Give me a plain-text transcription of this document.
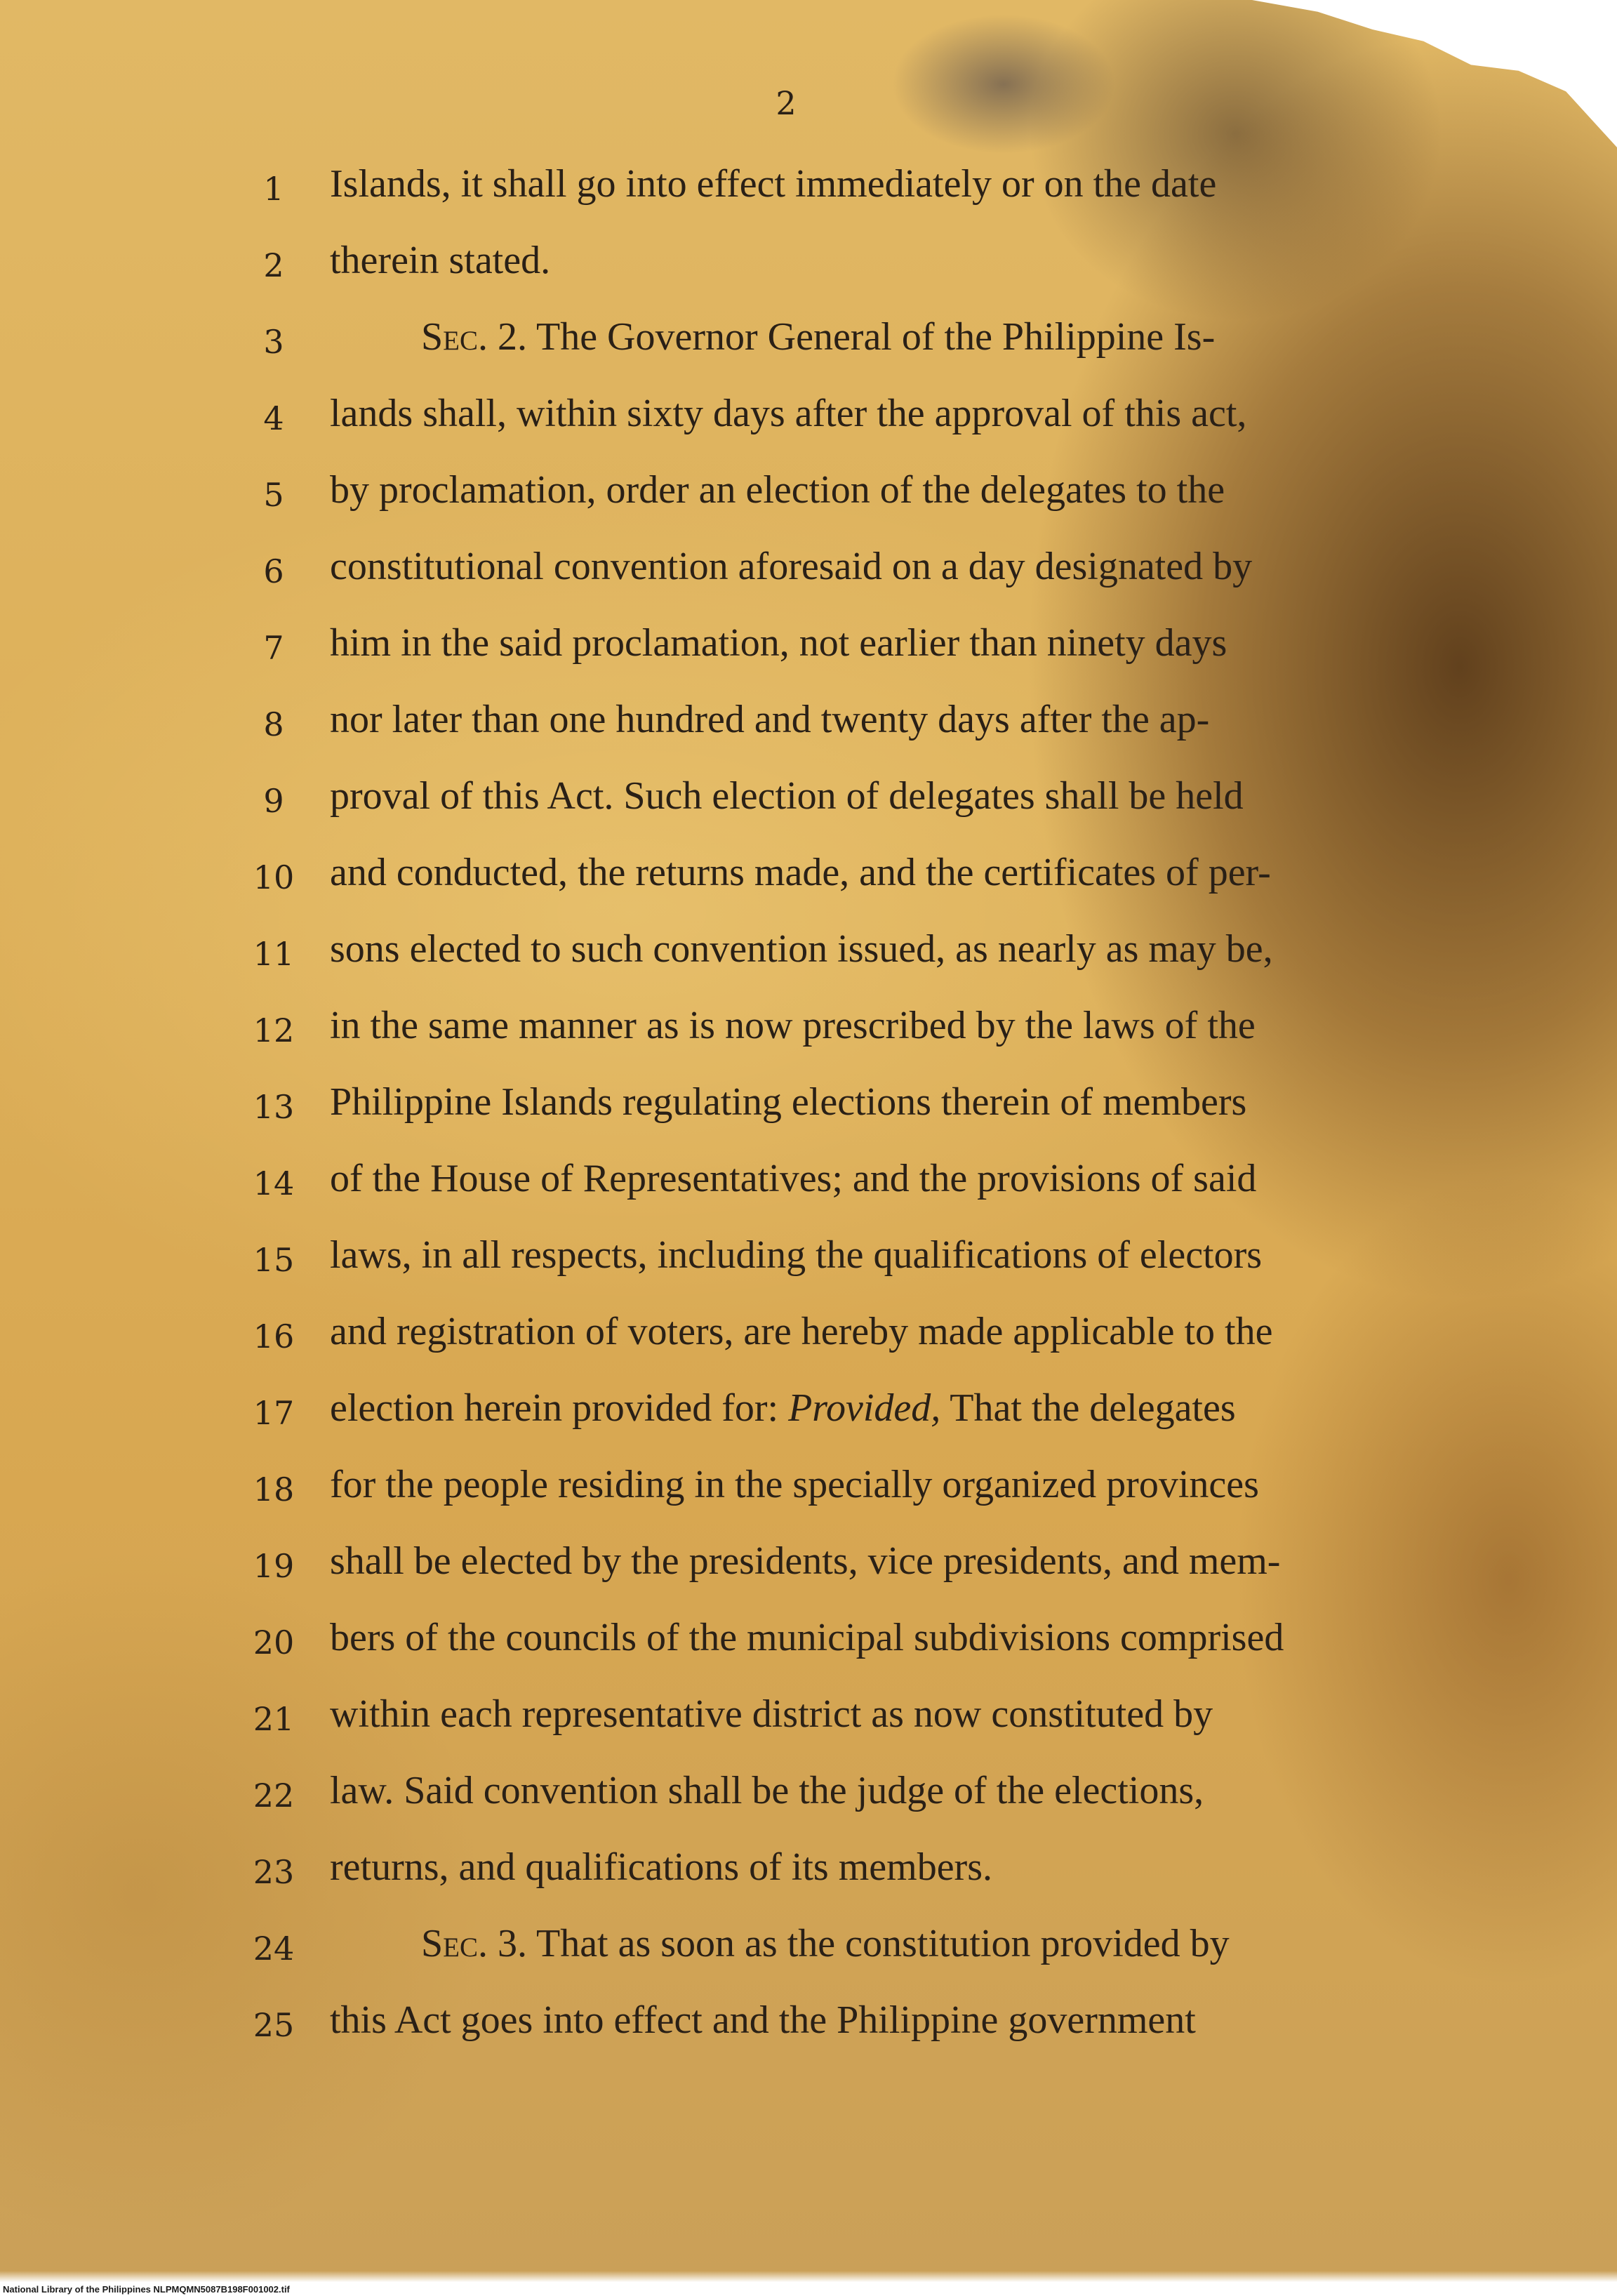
2
1	Islands, it shall go into effect immediately or on the date
2	therein stated.
3	Sec. 2. The Governor General of the Philippine Is-
4	lands shall, within sixty days after the approval of this act,
5	by proclamation, order an election of the delegates to the
6	constitutional convention aforesaid on a day designated by
7	him in the said proclamation, not earlier than ninety days
8	nor later than one hundred and twenty days after the ap-
9	proval of this Act. Such election of delegates shall be held
10 and conducted, the returns made, and the certificates of per-
11 sons elected to such convention issued, as nearly as may be,
12 in the same manner as is now prescribed by the laws of the
13 Philippine Islands regulating elections therein of members
14 of the House of Representatives; and the provisions of said
15 laws, in all respects, including the qualifications of electors
16 and registration of voters, are hereby made applicable to the
17 election herein provided for: Provided, That the delegates
18 for the people residing in the specially organized provinces
19 shall be elected by the presidents, vice presidents, and mem-
20 bers of the councils of the municipal subdivisions comprised
21 within each representative district as now constituted by
22 law. Said convention shall be the judge of the elections,
23 returns, and qualifications of its members.
24	Sec. 3. That as soon as the constitution provided by
25 this Act goes into effect and the Philippine government
National Library of the Philippines NLPMQMN5087B198F001002.tif
